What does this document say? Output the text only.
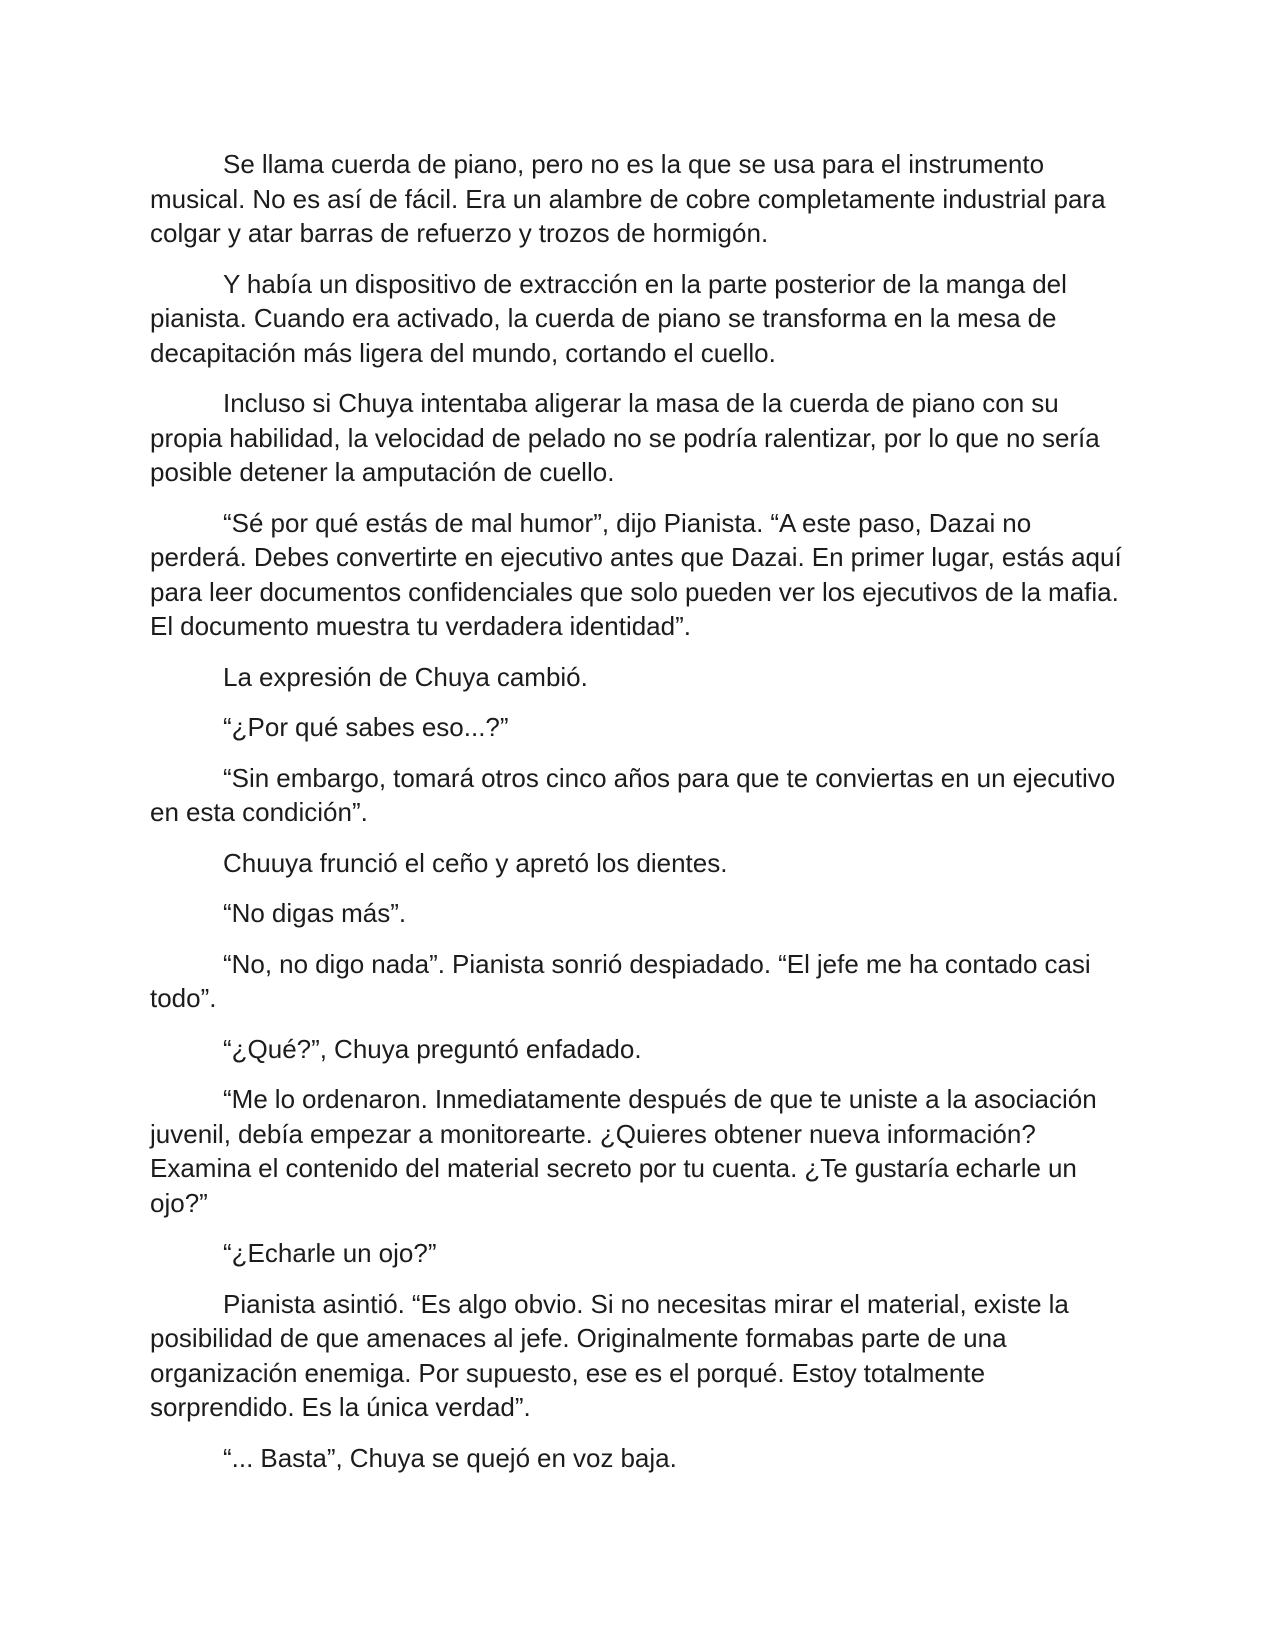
Se llama cuerda de piano, pero no es la que se usa para el instrumento musical. No es así de fácil. Era un alambre de cobre completamente industrial para colgar y atar barras de refuerzo y trozos de hormigón.

Y había un dispositivo de extracción en la parte posterior de la manga del pianista. Cuando era activado, la cuerda de piano se transforma en la mesa de decapitación más ligera del mundo, cortando el cuello.

Incluso si Chuya intentaba aligerar la masa de la cuerda de piano con su propia habilidad, la velocidad de pelado no se podría ralentizar, por lo que no sería posible detener la amputación de cuello.

“Sé por qué estás de mal humor”, dijo Pianista. “A este paso, Dazai no perderá. Debes convertirte en ejecutivo antes que Dazai. En primer lugar, estás aquí para leer documentos confidenciales que solo pueden ver los ejecutivos de la mafia. El documento muestra tu verdadera identidad”.

La expresión de Chuya cambió.

“¿Por qué sabes eso...?”

“Sin embargo, tomará otros cinco años para que te conviertas en un ejecutivo en esta condición”.

Chuuya frunció el ceño y apretó los dientes.

“No digas más”.

“No, no digo nada”. Pianista sonrió despiadado. “El jefe me ha contado casi todo”.

“¿Qué?”, Chuya preguntó enfadado.

“Me lo ordenaron. Inmediatamente después de que te uniste a la asociación juvenil, debía empezar a monitorearte. ¿Quieres obtener nueva información? Examina el contenido del material secreto por tu cuenta. ¿Te gustaría echarle un ojo?”

“¿Echarle un ojo?”

Pianista asintió. “Es algo obvio. Si no necesitas mirar el material, existe la posibilidad de que amenaces al jefe. Originalmente formabas parte de una organización enemiga. Por supuesto, ese es el porqué. Estoy totalmente sorprendido. Es la única verdad”.

“... Basta”, Chuya se quejó en voz baja.
